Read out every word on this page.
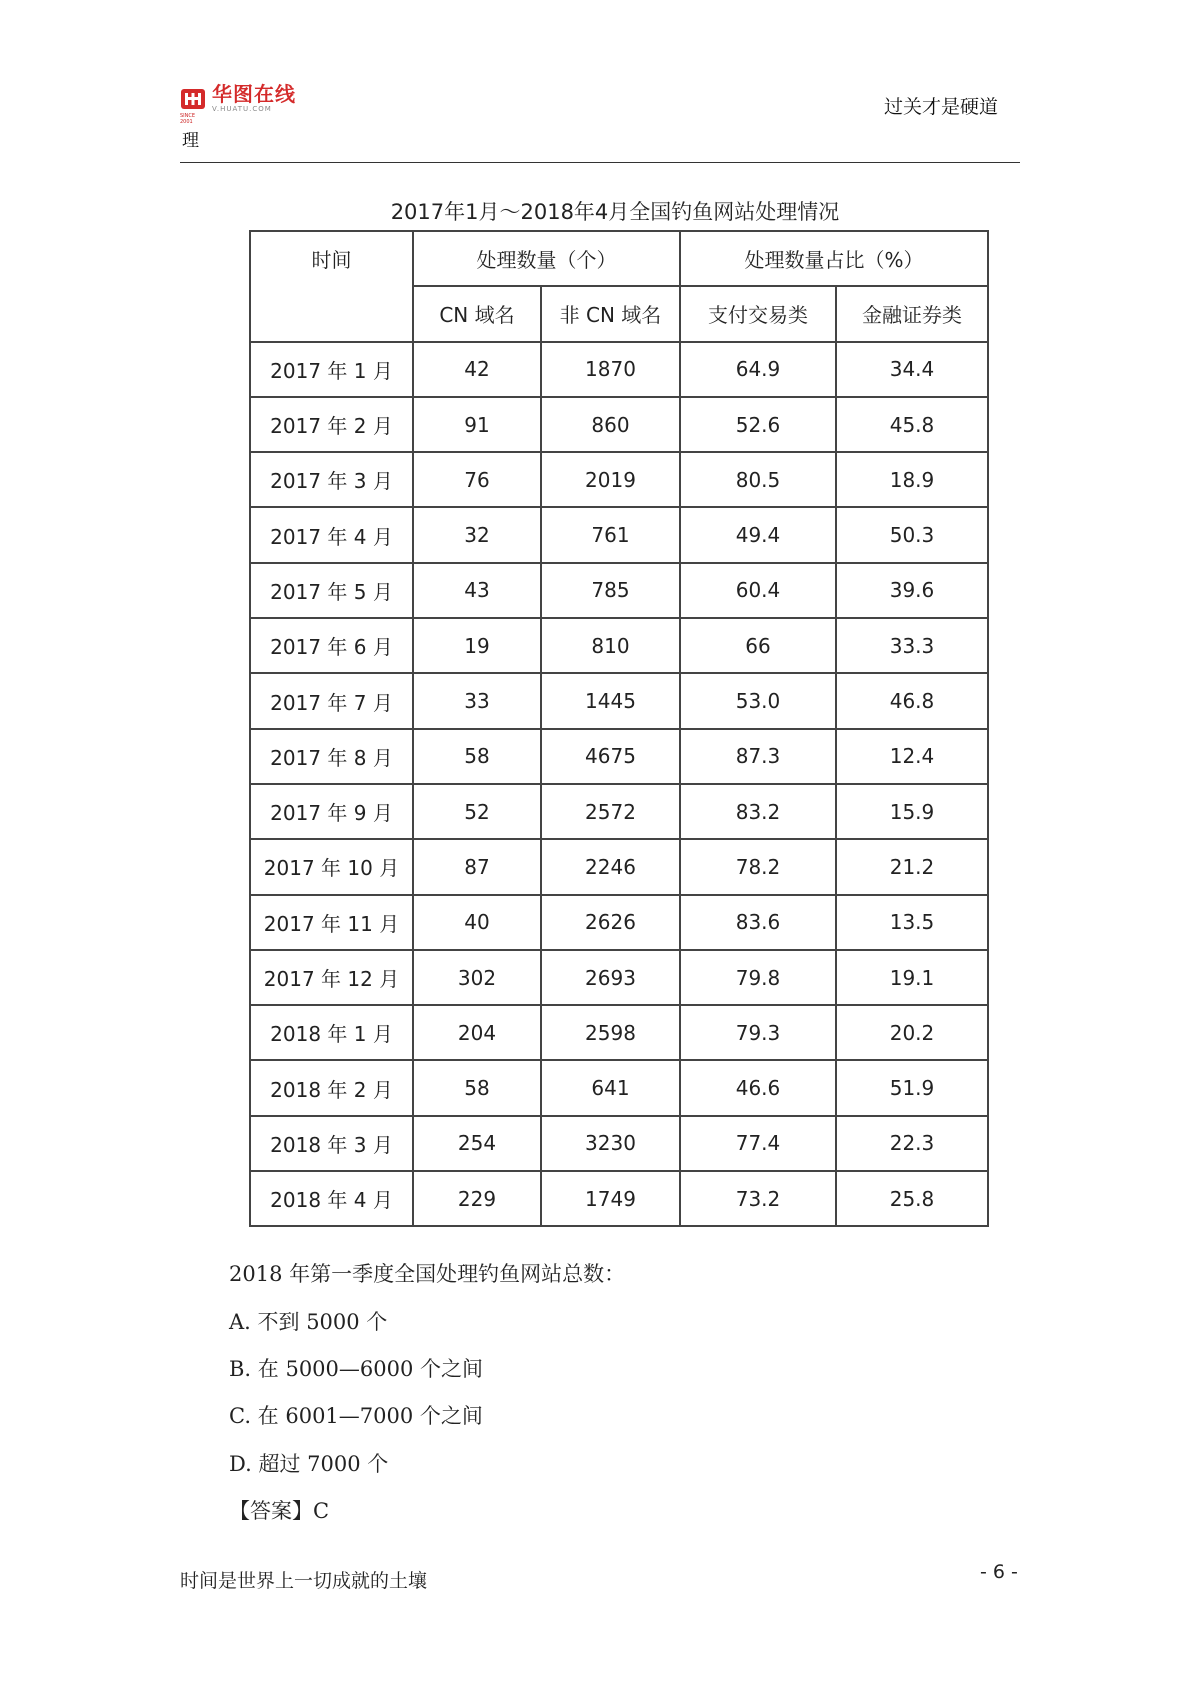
SINCE 2001
华图在线
V.HUATU.COM
理
过关才是硬道
2017年1月～2018年4月全国钓鱼网站处理情况
时间	处理数量（个）		处理数量占比（%）	
	CN 域名	非 CN 域名	支付交易类	金融证券类
2017 年 1 月	42	1870	64.9	34.4
2017 年 2 月	91	860	52.6	45.8
2017 年 3 月	76	2019	80.5	18.9
2017 年 4 月	32	761	49.4	50.3
2017 年 5 月	43	785	60.4	39.6
2017 年 6 月	19	810	66	33.3
2017 年 7 月	33	1445	53.0	46.8
2017 年 8 月	58	4675	87.3	12.4
2017 年 9 月	52	2572	83.2	15.9
2017 年 10 月	87	2246	78.2	21.2
2017 年 11 月	40	2626	83.6	13.5
2017 年 12 月	302	2693	79.8	19.1
2018 年 1 月	204	2598	79.3	20.2
2018 年 2 月	58	641	46.6	51.9
2018 年 3 月	254	3230	77.4	22.3
2018 年 4 月	229	1749	73.2	25.8
2018 年第一季度全国处理钓鱼网站总数：
A. 不到 5000 个
B. 在 5000—6000 个之间
C. 在 6001—7000 个之间
D. 超过 7000 个
【答案】C
时间是世界上一切成就的土壤	- 6 -
